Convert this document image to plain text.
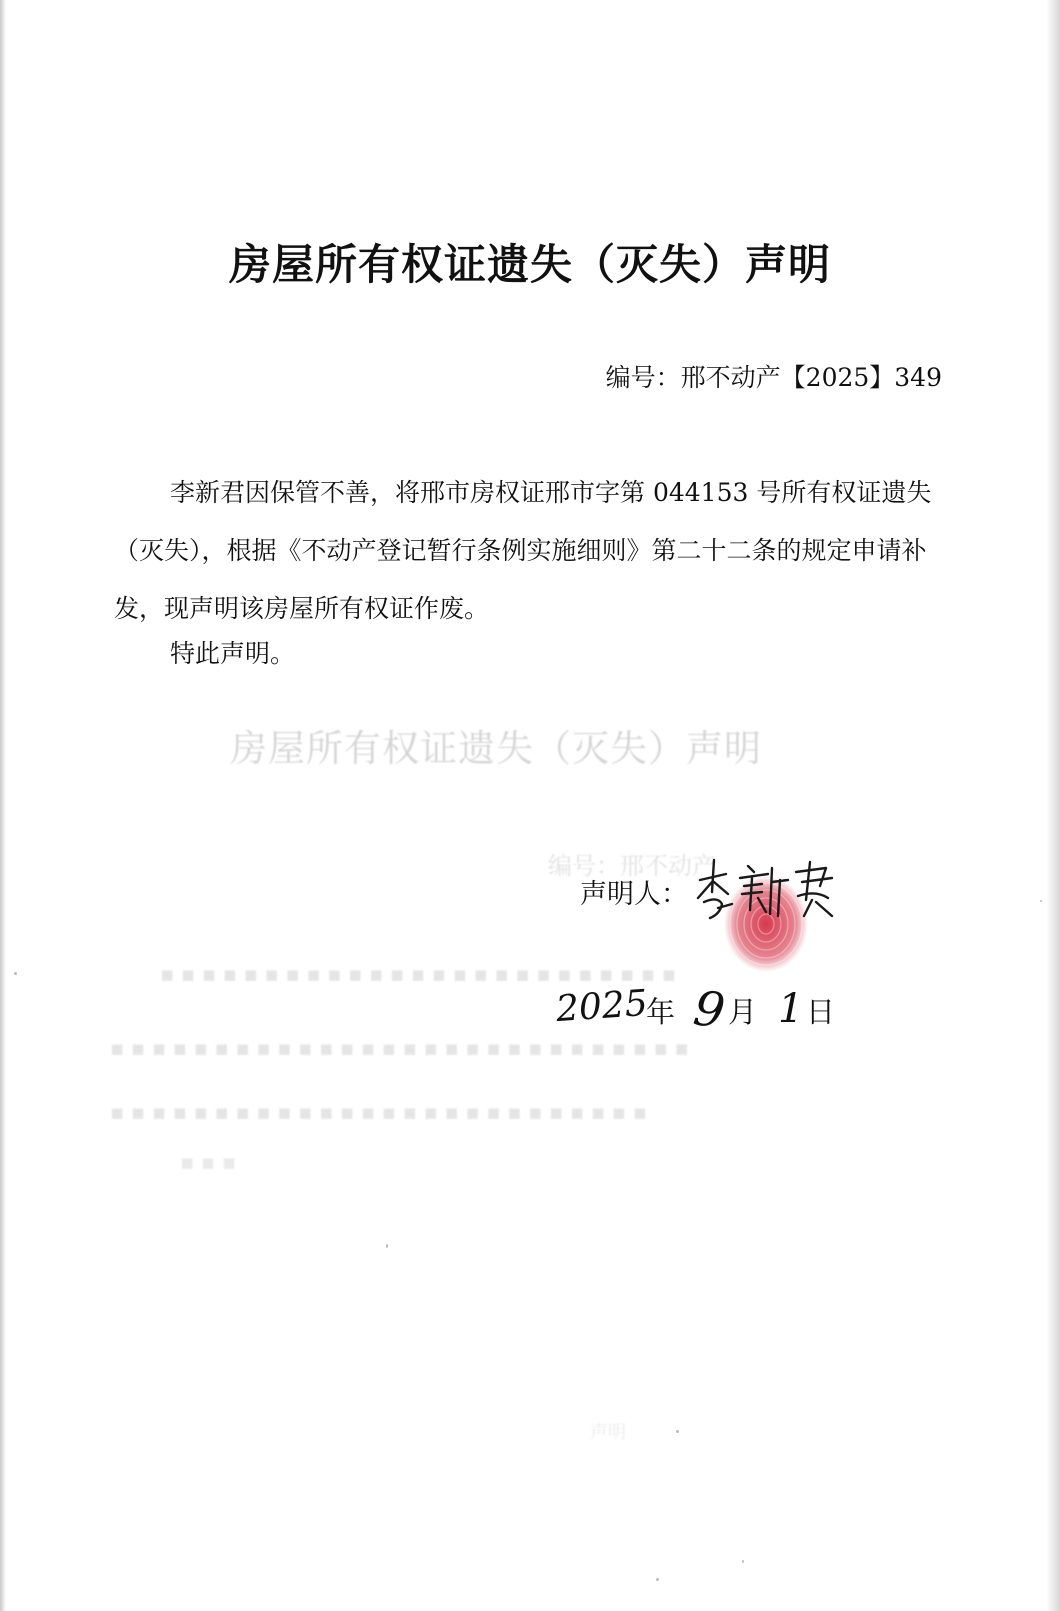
房屋所有权证遗失（灭失）声明
编号：邢不动产【2025】349

李新君因保管不善，将邢市房权证邢市字第 044153 号所有权证遗失（灭失），根据《不动产登记暂行条例实施细则》第二十二条的规定申请补发，现声明该房屋所有权证作废。

特此声明。
房屋所有权证遗失（灭失）声明
编号：邢不动产
▪ ▪ ▪ ▪ ▪ ▪ ▪ ▪ ▪ ▪ ▪ ▪ ▪ ▪ ▪ ▪ ▪ ▪ ▪ ▪ ▪ ▪ ▪ ▪ ▪
▪ ▪ ▪ ▪ ▪ ▪ ▪ ▪ ▪ ▪ ▪ ▪ ▪ ▪ ▪ ▪ ▪ ▪ ▪ ▪ ▪ ▪ ▪ ▪ ▪ ▪ ▪ ▪
▪ ▪ ▪ ▪ ▪ ▪ ▪ ▪ ▪ ▪ ▪ ▪ ▪ ▪ ▪ ▪ ▪ ▪ ▪ ▪ ▪ ▪ ▪ ▪ ▪ ▪
▪ ▪ ▪
声明
声明人：
2025
年 9 月 1 日
